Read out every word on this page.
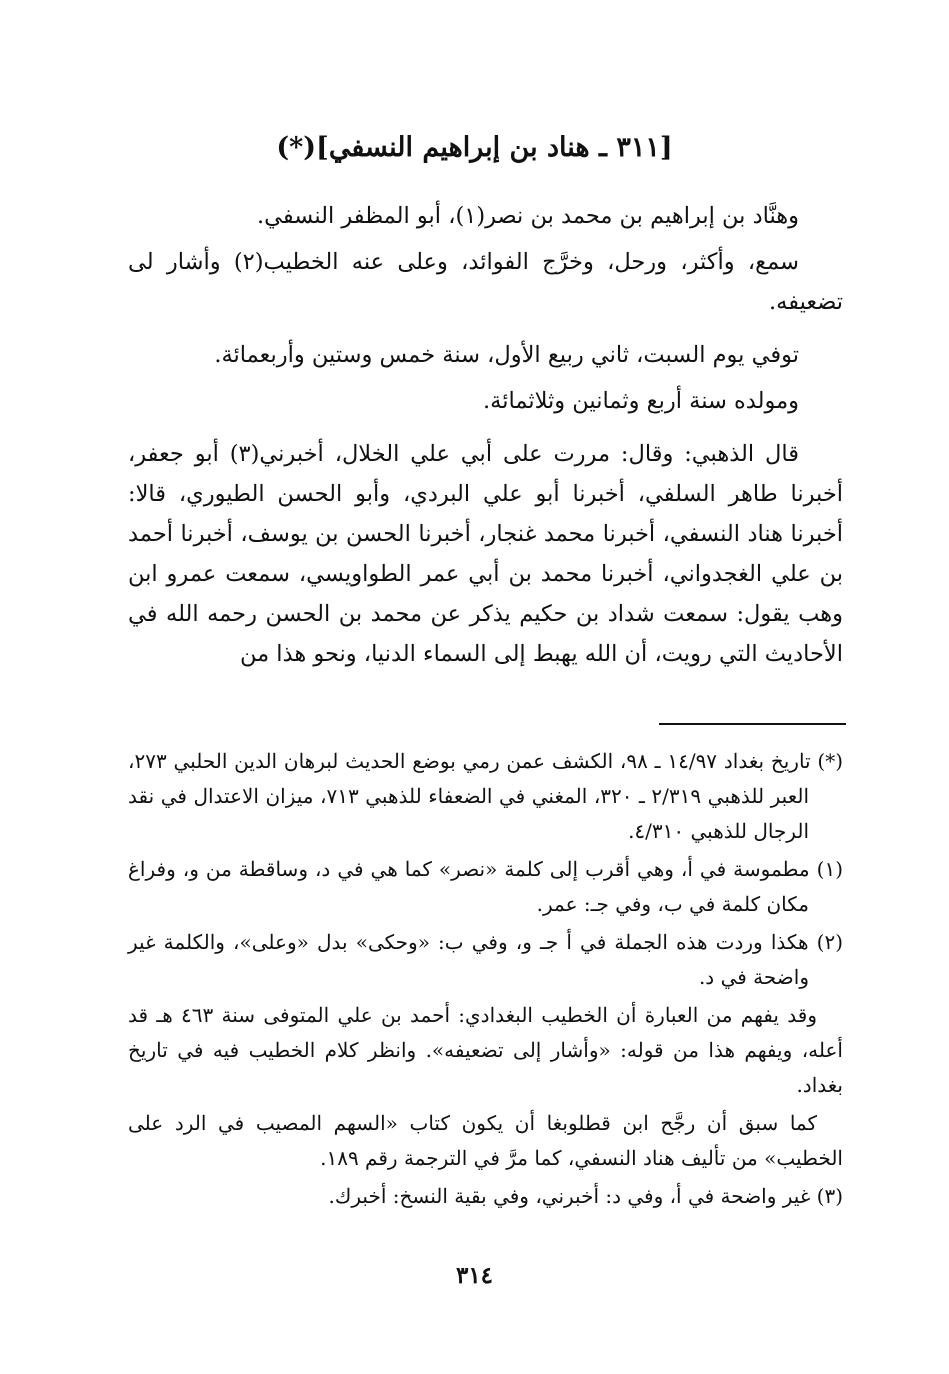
[٣١١ ـ هناد بن إبراهيم النسفي](*)

وهنَّاد بن إبراهيم بن محمد بن نصر(١)، أبو المظفر النسفي.

سمع، وأكثر، ورحل، وخرَّج الفوائد، وعلى عنه الخطيب(٢) وأشار لى تضعيفه.

توفي يوم السبت، ثاني ربيع الأول، سنة خمس وستين وأربعمائة.

ومولده سنة أربع وثمانين وثلاثمائة.

قال الذهبي: وقال: مررت على أبي علي الخلال، أخبرني(٣) أبو جعفر، أخبرنا طاهر السلفي، أخبرنا أبو علي البردي، وأبو الحسن الطيوري، قالا: أخبرنا هناد النسفي، أخبرنا محمد غنجار، أخبرنا الحسن بن يوسف، أخبرنا أحمد بن علي الغجدواني، أخبرنا محمد بن أبي عمر الطواويسي، سمعت عمرو ابن وهب يقول: سمعت شداد بن حكيم يذكر عن محمد بن الحسن رحمه الله في الأحاديث التي رويت، أن الله يهبط إلى السماء الدنيا، ونحو هذا من

(*) تاريخ بغداد ١٤/٩٧ ـ ٩٨، الكشف عمن رمي بوضع الحديث لبرهان الدين الحلبي ٢٧٣، العبر للذهبي ٢/٣١٩ ـ ٣٢٠، المغني في الضعفاء للذهبي ٧١٣، ميزان الاعتدال في نقد الرجال للذهبي ٤/٣١٠.

(١) مطموسة في أ، وهي أقرب إلى كلمة «نصر» كما هي في د، وساقطة من و، وفراغ مكان كلمة في ب، وفي جـ: عمر.

(٢) هكذا وردت هذه الجملة في أ جـ و، وفي ب: «وحكى» بدل «وعلى»، والكلمة غير واضحة في د.

وقد يفهم من العبارة أن الخطيب البغدادي: أحمد بن علي المتوفى سنة ٤٦٣ هـ قد أعله، ويفهم هذا من قوله: «وأشار إلى تضعيفه». وانظر كلام الخطيب فيه في تاريخ بغداد.

كما سبق أن رجَّح ابن قطلوبغا أن يكون كتاب «السهم المصيب في الرد على الخطيب» من تأليف هناد النسفي، كما مرَّ في الترجمة رقم ١٨٩.

(٣) غير واضحة في أ، وفي د: أخبرني، وفي بقية النسخ: أخبرك.

٣١٤
